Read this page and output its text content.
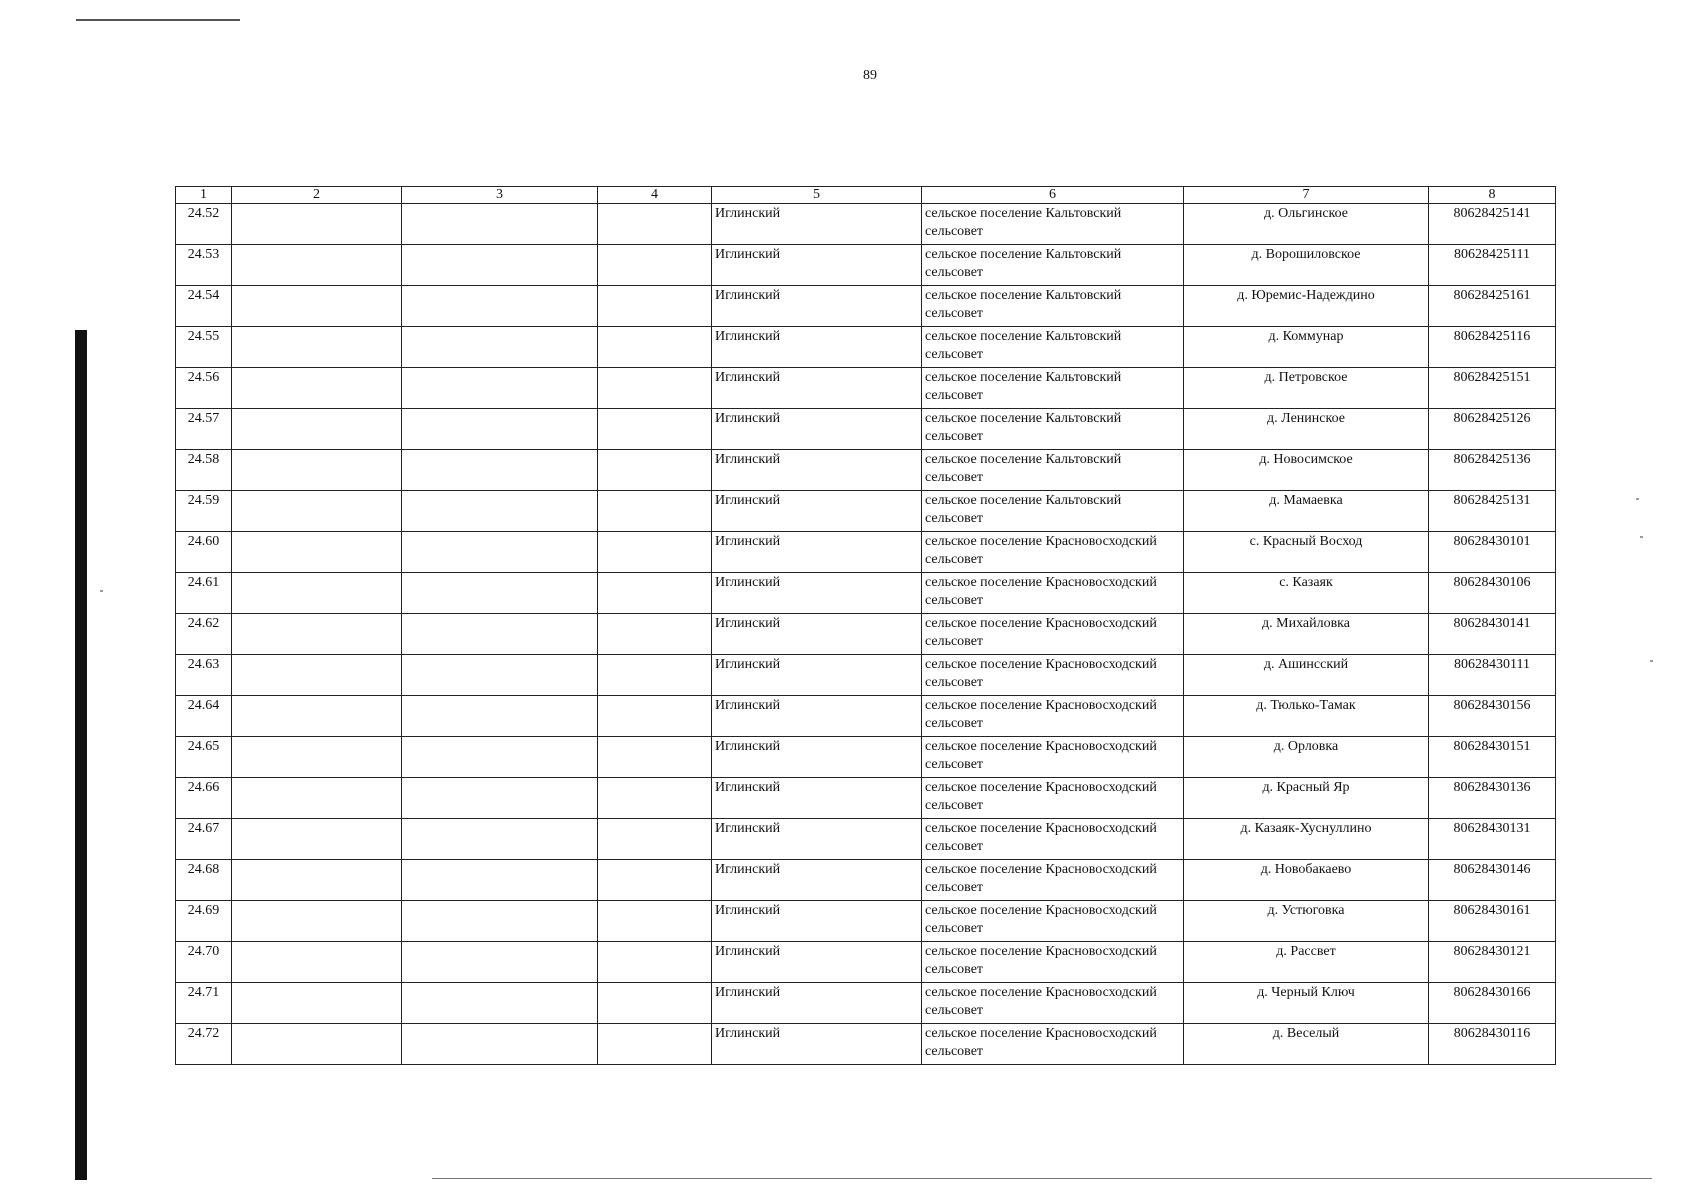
89
1	2	3	4	5	6	7	8
24.52				Иглинский	сельское поселение Кальтовский сельсовет	д. Ольгинское	80628425141
24.53				Иглинский	сельское поселение Кальтовский сельсовет	д. Ворошиловское	80628425111
24.54				Иглинский	сельское поселение Кальтовский сельсовет	д. Юремис-Надеждино	80628425161
24.55				Иглинский	сельское поселение Кальтовский сельсовет	д. Коммунар	80628425116
24.56				Иглинский	сельское поселение Кальтовский сельсовет	д. Петровское	80628425151
24.57				Иглинский	сельское поселение Кальтовский сельсовет	д. Ленинское	80628425126
24.58				Иглинский	сельское поселение Кальтовский сельсовет	д. Новосимское	80628425136
24.59				Иглинский	сельское поселение Кальтовский сельсовет	д. Мамаевка	80628425131
24.60				Иглинский	сельское поселение Красновосходский сельсовет	с. Красный Восход	80628430101
24.61				Иглинский	сельское поселение Красновосходский сельсовет	с. Казаяк	80628430106
24.62				Иглинский	сельское поселение Красновосходский сельсовет	д. Михайловка	80628430141
24.63				Иглинский	сельское поселение Красновосходский сельсовет	д. Ашинсский	80628430111
24.64				Иглинский	сельское поселение Красновосходский сельсовет	д. Тюлько-Тамак	80628430156
24.65				Иглинский	сельское поселение Красновосходский сельсовет	д. Орловка	80628430151
24.66				Иглинский	сельское поселение Красновосходский сельсовет	д. Красный Яр	80628430136
24.67				Иглинский	сельское поселение Красновосходский сельсовет	д. Казаяк-Хуснуллино	80628430131
24.68				Иглинский	сельское поселение Красновосходский сельсовет	д. Новобакаево	80628430146
24.69				Иглинский	сельское поселение Красновосходский сельсовет	д. Устюговка	80628430161
24.70				Иглинский	сельское поселение Красновосходский сельсовет	д. Рассвет	80628430121
24.71				Иглинский	сельское поселение Красновосходский сельсовет	д. Черный Ключ	80628430166
24.72				Иглинский	сельское поселение Красновосходский сельсовет	д. Веселый	80628430116
